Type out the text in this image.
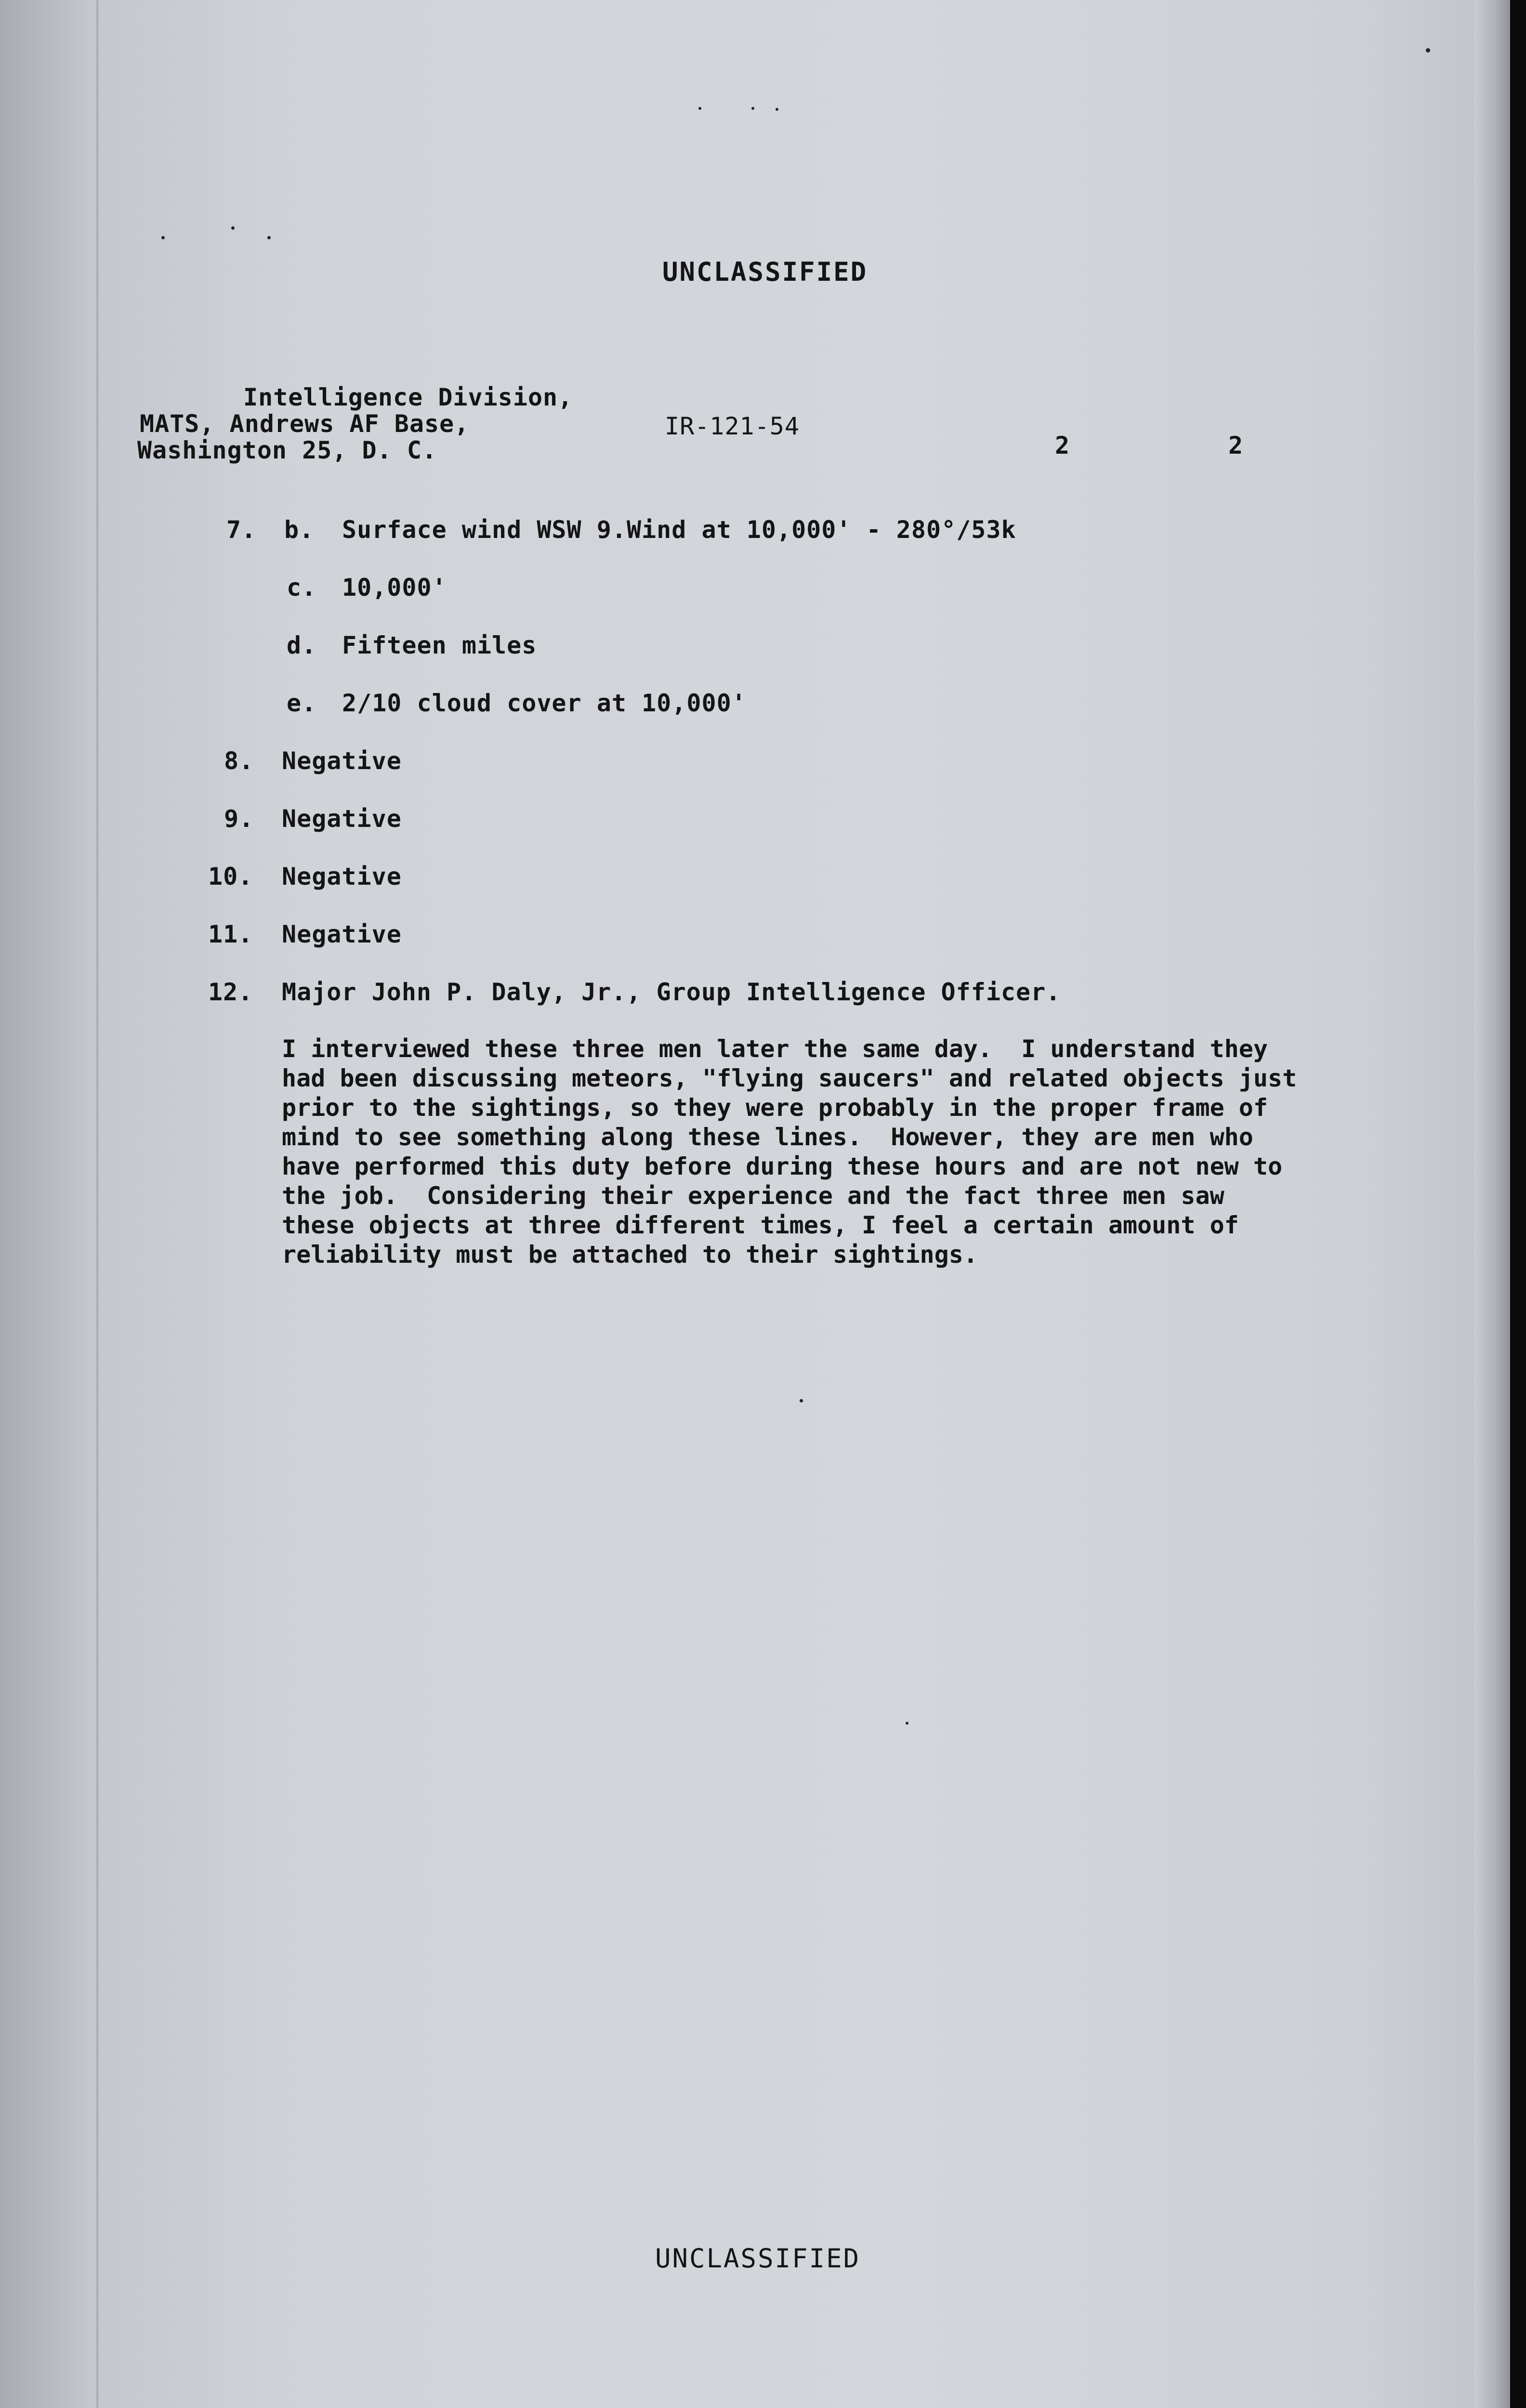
UNCLASSIFIED
Intelligence Division,
MATS, Andrews AF Base,
Washington 25, D. C.
IR-121-54
2	2
7. b. Surface wind WSW 9.Wind at 10,000' - 280°/53k
c. 10,000'
d. Fifteen miles
e. 2/10 cloud cover at 10,000'
8. Negative
9. Negative
10. Negative
11. Negative
12. Major John P. Daly, Jr., Group Intelligence Officer.
I interviewed these three men later the same day.  I understand they
had been discussing meteors, "flying saucers" and related objects just
prior to the sightings, so they were probably in the proper frame of
mind to see something along these lines.  However, they are men who
have performed this duty before during these hours and are not new to
the job.  Considering their experience and the fact three men saw
these objects at three different times, I feel a certain amount of
reliability must be attached to their sightings.
UNCLASSIFIED
